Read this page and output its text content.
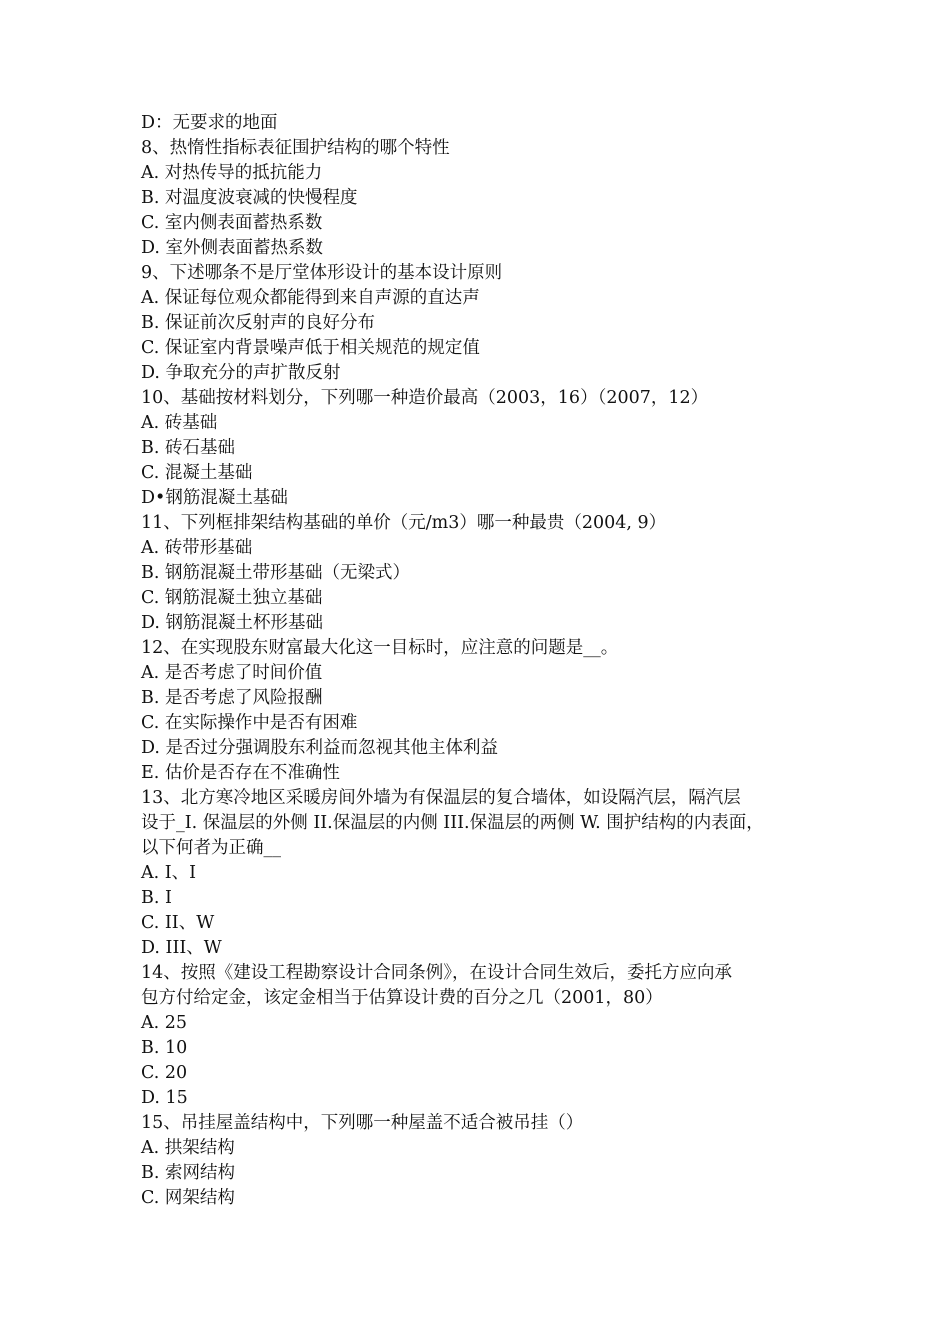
D：无要求的地面
8、热惰性指标表征围护结构的哪个特性
A. 对热传导的抵抗能力
B. 对温度波衰减的快慢程度
C. 室内侧表面蓄热系数
D. 室外侧表面蓄热系数
9、下述哪条不是厅堂体形设计的基本设计原则
A. 保证每位观众都能得到来自声源的直达声
B. 保证前次反射声的良好分布
C. 保证室内背景噪声低于相关规范的规定值
D. 争取充分的声扩散反射
10、基础按材料划分，下列哪一种造价最高（2003，16）（2007，12）
A. 砖基础
B. 砖石基础
C. 混凝土基础
D•钢筋混凝土基础
11、下列框排架结构基础的单价（元/m3）哪一种最贵（2004, 9）
A. 砖带形基础
B. 钢筋混凝土带形基础（无梁式）
C. 钢筋混凝土独立基础
D. 钢筋混凝土杯形基础
12、在实现股东财富最大化这一目标时，应注意的问题是__。
A. 是否考虑了时间价值
B. 是否考虑了风险报酬
C. 在实际操作中是否有困难
D. 是否过分强调股东利益而忽视其他主体利益
E. 估价是否存在不准确性
13、北方寒冷地区采暖房间外墙为有保温层的复合墙体，如设隔汽层，隔汽层
设于_I. 保温层的外侧 II.保温层的内侧 III.保温层的两侧 W. 围护结构的内表面，
以下何者为正确__
A. I、I
B. I
C. II、W
D. III、W
14、按照《建设工程勘察设计合同条例》，在设计合同生效后，委托方应向承
包方付给定金，该定金相当于估算设计费的百分之几（2001，80）
A. 25
B. 10
C. 20
D. 15
15、吊挂屋盖结构中，下列哪一种屋盖不适合被吊挂（）
A. 拱架结构
B. 索网结构
C. 网架结构
